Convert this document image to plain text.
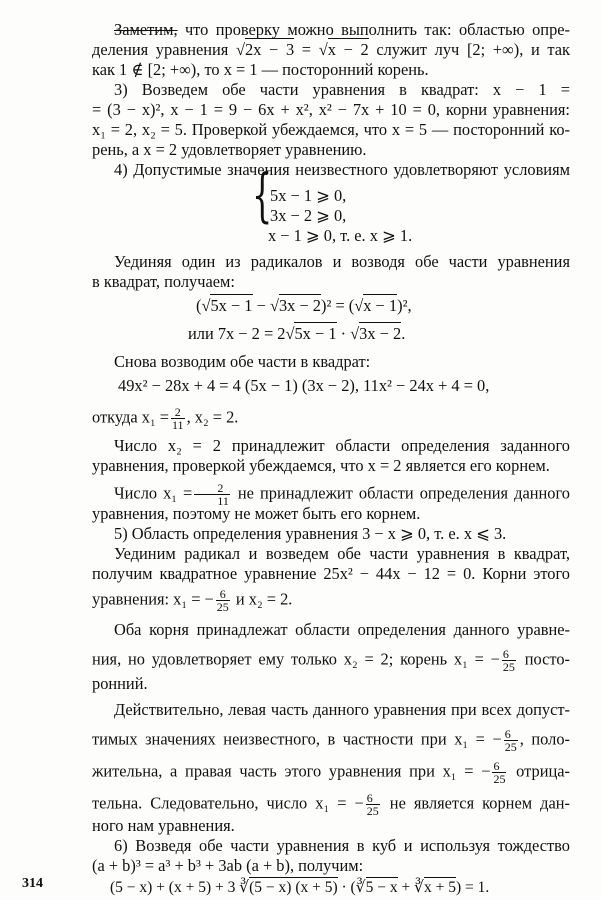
Заметим, что проверку можно выполнить так: областью опре-
деления уравнения √2x − 3 = √x − 2 служит луч [2; +∞), и так
как 1 ∉ [2; +∞), то x = 1 — посторонний корень.
3) Возведем обе части уравнения в квадрат: x − 1 =
= (3 − x)², x − 1 = 9 − 6x + x², x² − 7x + 10 = 0, корни уравнения:
x₁ = 2, x₂ = 5. Проверкой убеждаемся, что x = 5 — посторонний ко-
рень, а x = 2 удовлетворяет уравнению.
4) Допустимые значения неизвестного удовлетворяют условиям
{
5x − 1 ⩾ 0,
3x − 2 ⩾ 0,
x − 1 ⩾ 0, т. е. x ⩾ 1.
Уединяя один из радикалов и возводя обе части уравнения
в квадрат, получаем:
(√5x − 1 − √3x − 2)² = (√x − 1)²,
или 7x − 2 = 2√5x − 1 · √3x − 2.
Снова возводим обе части в квадрат:
49x² − 28x + 4 = 4 (5x − 1) (3x − 2), 11x² − 24x + 4 = 0,
откуда $x_1 = \frac{2}{11}$ , x₂ = 2.
Число x₂ = 2 принадлежит области определения заданного
уравнения, проверкой убеждаемся, что x = 2 является его корнем.
Число $x_1 = \frac{2}{11}$ не принадлежит области определения данного
уравнения, поэтому не может быть его корнем.
5) Область определения уравнения 3 − x ⩾ 0, т. е. x ⩽ 3.
Уединим радикал и возведем обе части уравнения в квадрат,
получим квадратное уравнение 25x² − 44x − 12 = 0. Корни этого
уравнения: x₁ = − $\frac{6}{25}$ и x₂ = 2.
Оба корня принадлежат области определения данного уравне-
ния, но удовлетворяет ему только x₂ = 2; корень x₁ = − $\frac{6}{25}$ посто-
ронний.
Действительно, левая часть данного уравнения при всех допуст-
тимых значениях неизвестного, в частности при x₁ = − $\frac{6}{25}$ , поло-
жительна, а правая часть этого уравнения при x₁ = − $\frac{6}{25}$ отрица-
тельна. Следовательно, число x₁ = − $\frac{6}{25}$ не является корнем дан-
ного нам уравнения.
6) Возведя обе части уравнения в куб и используя тождество
(a + b)³ = a³ + b³ + 3ab (a + b), получим:
(5 − x) + (x + 5) + 3 ∛(5 − x) (x + 5) · (∛5 − x + ∛x + 5) = 1.
314
